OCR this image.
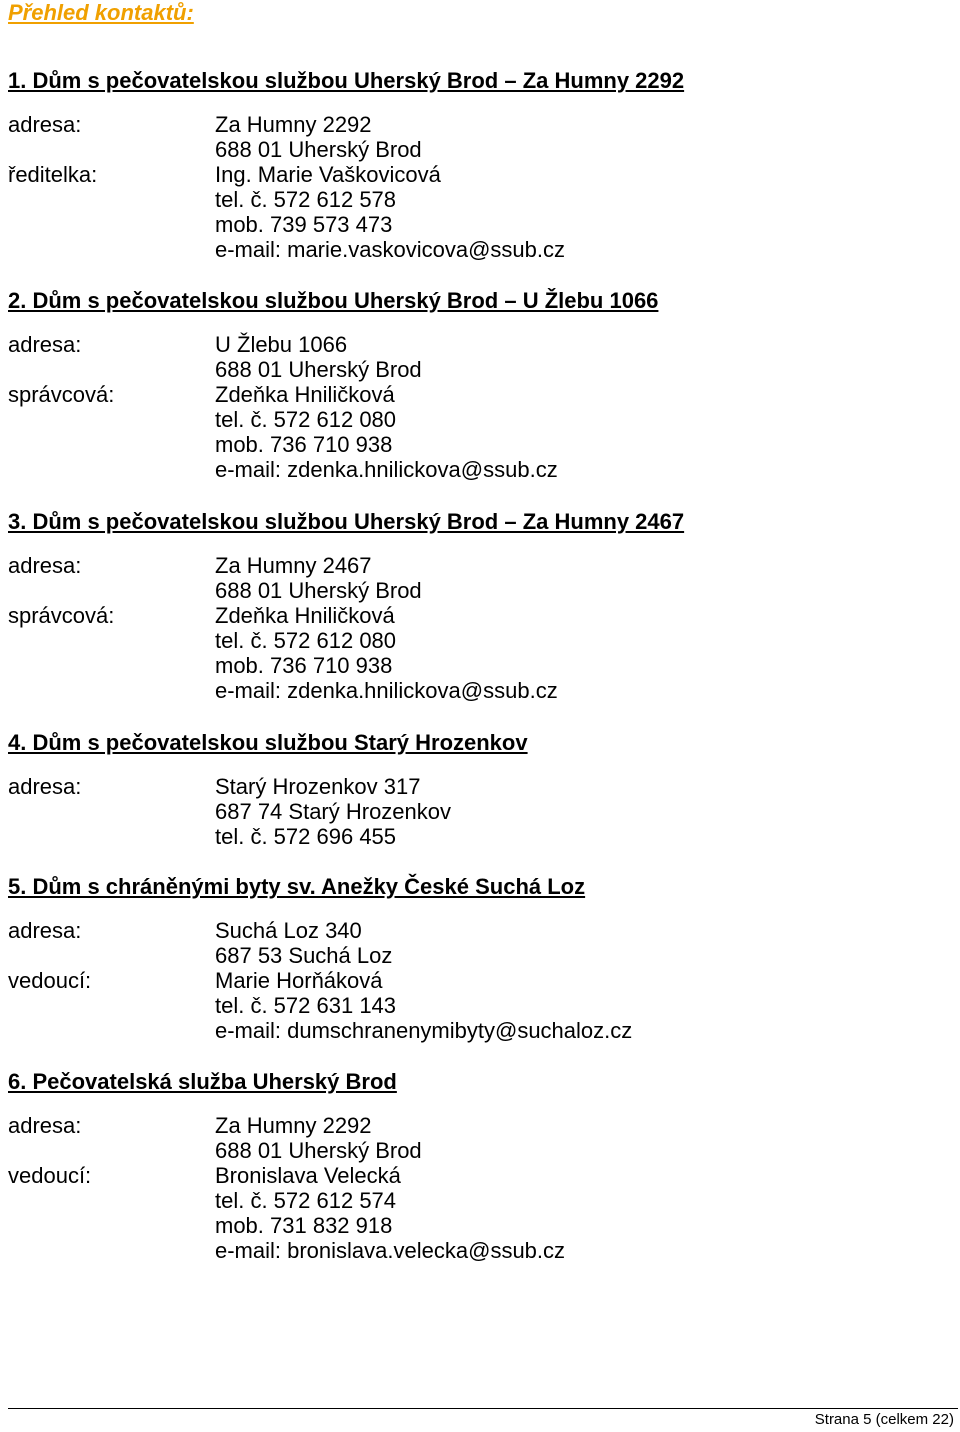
Přehled kontaktů:
1. Dům s pečovatelskou službou Uherský Brod – Za Humny 2292
adresa:	Za Humny 2292
688 01 Uherský Brod
ředitelka:	Ing. Marie Vaškovicová
tel. č. 572 612 578
mob. 739 573 473
e-mail: marie.vaskovicova@ssub.cz
2. Dům s pečovatelskou službou Uherský Brod – U Žlebu 1066
adresa:	U Žlebu 1066
688 01 Uherský Brod
správcová:	Zdeňka Hniličková
tel. č. 572 612 080
mob. 736 710 938
e-mail: zdenka.hnilickova@ssub.cz
3. Dům s pečovatelskou službou Uherský Brod – Za Humny 2467
adresa:	Za Humny 2467
688 01 Uherský Brod
správcová:	Zdeňka Hniličková
tel. č. 572 612 080
mob. 736 710 938
e-mail: zdenka.hnilickova@ssub.cz
4. Dům s pečovatelskou službou Starý Hrozenkov
adresa:	Starý Hrozenkov 317
687 74 Starý Hrozenkov
tel. č. 572 696 455
5. Dům s chráněnými byty sv. Anežky České Suchá Loz
adresa:	Suchá Loz 340
687 53 Suchá Loz
vedoucí:	Marie Horňáková
tel. č. 572 631 143
e-mail: dumschranenymibyty@suchaloz.cz
6. Pečovatelská služba Uherský Brod
adresa:	Za Humny 2292
688 01 Uherský Brod
vedoucí:	Bronislava Velecká
tel. č. 572 612 574
mob. 731 832 918
e-mail: bronislava.velecka@ssub.cz
Strana 5 (celkem 22)
